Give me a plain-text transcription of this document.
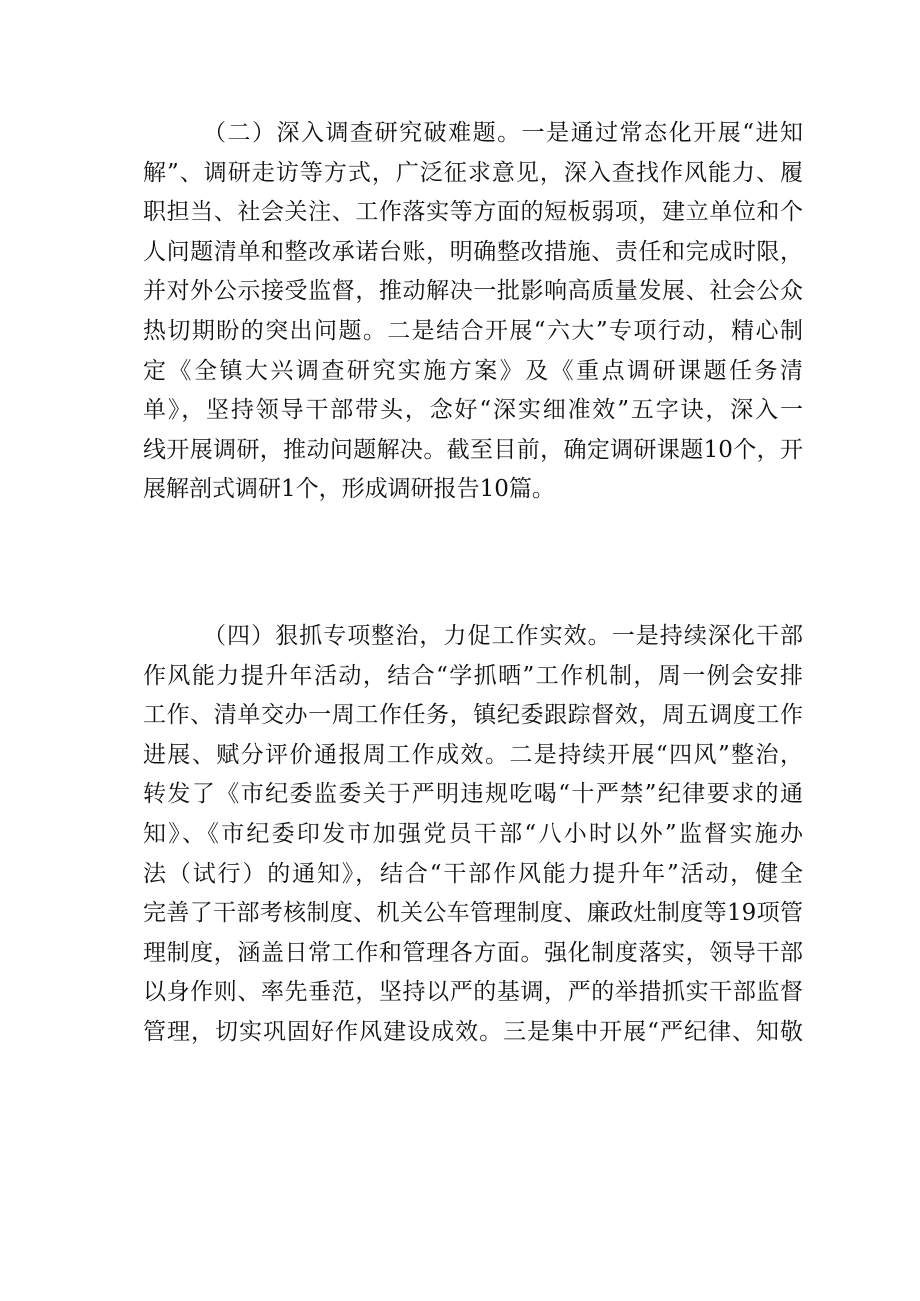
（二）深入调查研究破难题。一是通过常态化开展“进知
解”、调研走访等方式，广泛征求意见，深入查找作风能力、履
职担当、社会关注、工作落实等方面的短板弱项，建立单位和个
人问题清单和整改承诺台账，明确整改措施、责任和完成时限，
并对外公示接受监督，推动解决一批影响高质量发展、社会公众
热切期盼的突出问题。二是结合开展“六大”专项行动，精心制
定《全镇大兴调查研究实施方案》及《重点调研课题任务清
单》，坚持领导干部带头，念好“深实细准效”五字诀，深入一
线开展调研，推动问题解决。截至目前，确定调研课题10个，开
展解剖式调研1个，形成调研报告10篇。
（四）狠抓专项整治，力促工作实效。一是持续深化干部
作风能力提升年活动，结合“学抓晒”工作机制，周一例会安排
工作、清单交办一周工作任务，镇纪委跟踪督效，周五调度工作
进展、赋分评价通报周工作成效。二是持续开展“四风”整治，
转发了《市纪委监委关于严明违规吃喝“十严禁”纪律要求的通
知》、《市纪委印发市加强党员干部“八小时以外”监督实施办
法（试行）的通知》，结合“干部作风能力提升年”活动，健全
完善了干部考核制度、机关公车管理制度、廉政灶制度等19项管
理制度，涵盖日常工作和管理各方面。强化制度落实，领导干部
以身作则、率先垂范，坚持以严的基调，严的举措抓实干部监督
管理，切实巩固好作风建设成效。三是集中开展“严纪律、知敬
